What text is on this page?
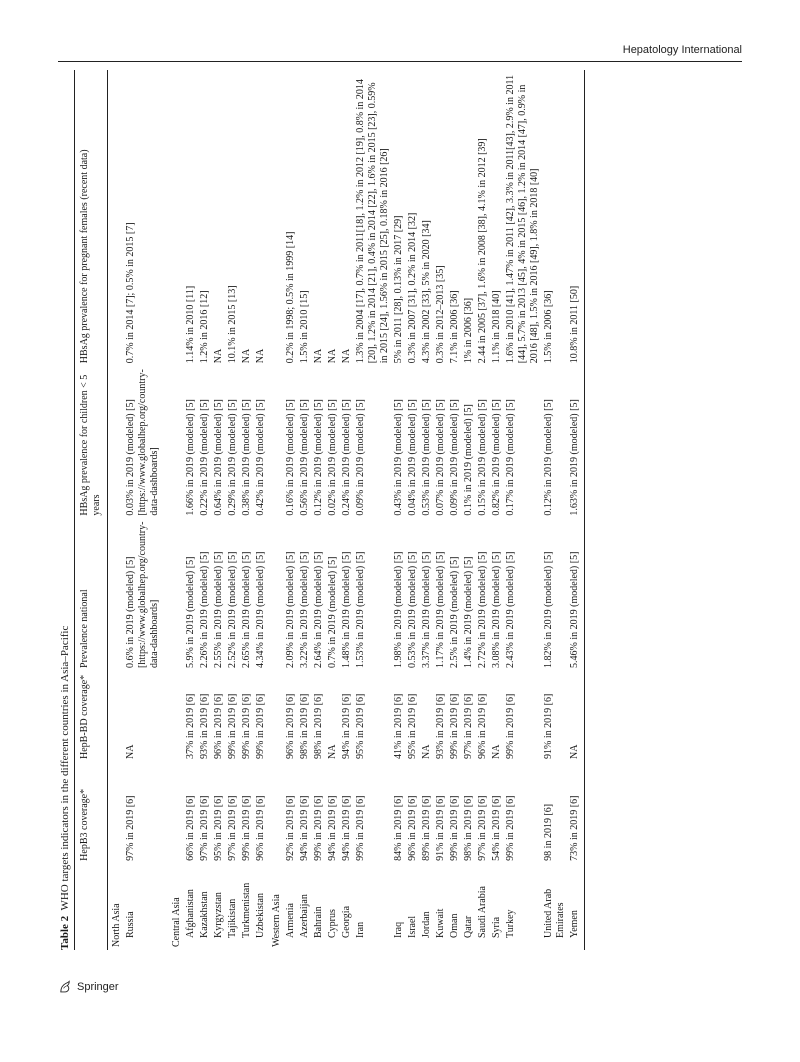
Hepatology International
Table 2  WHO targets indicators in the different countries in Asia–Pacific
	HepB3 coverage*	HepB-BD coverage*	Prevalence national	HBsAg prevalence for children < 5 years	HBsAg prevalence for pregnant females (recent data)
North Asia					
Russia	97% in 2019 [6]	NA	0.6% in 2019 (modeled) [5] [https://www.globalhep.org/country-data-dashboards]	0.03% in 2019 (modeled) [5] [https://www.globalhep.org/country-data-dashboards]	0.7% in 2014 [7]; 0.5% in 2015 [7]

Central Asia					
Afghanistan	66% in 2019 [6]	37% in 2019 [6]	5.9% in 2019 (modeled) [5]	1.66% in 2019 (modeled) [5]	1.14% in 2010 [11]
Kazakhstan	97% in 2019 [6]	93% in 2019 [6]	2.26% in 2019 (modeled) [5]	0.22% in 2019 (modeled) [5]	1.2% in 2016 [12]
Kyrgyzstan	95% in 2019 [6]	96% in 2019 [6]	2.55% in 2019 (modeled) [5]	0.64% in 2019 (modeled) [5]	NA
Tajikistan	97% in 2019 [6]	99% in 2019 [6]	2.52% in 2019 (modeled) [5]	0.29% in 2019 (modeled) [5]	10.1% in 2015 [13]
Turkmenistan	99% in 2019 [6]	99% in 2019 [6]	2.65% in 2019 (modeled) [5]	0.38% in 2019 (modeled) [5]	NA
Uzbekistan	96% in 2019 [6]	99% in 2019 [6]	4.34% in 2019 (modeled) [5]	0.42% in 2019 (modeled) [5]	NA
Western Asia					
Armenia	92% in 2019 [6]	96% in 2019 [6]	2.09% in 2019 (modeled) [5]	0.16% in 2019 (modeled) [5]	0.2% in 1998; 0.5% in 1999 [14]
Azerbaijan	94% in 2019 [6]	98% in 2019 [6]	3.22% in 2019 (modeled) [5]	0.56% in 2019 (modeled) [5]	1.5% in 2010 [15]
Bahrain	99% in 2019 [6]	98% in 2019 [6]	2.64% in 2019 (modeled) [5]	0.12% in 2019 (modeled) [5]	NA
Cyprus	94% in 2019 [6]	NA	0.7% in 2019 (modeled) [5]	0.02% in 2019 (modeled) [5]	NA
Georgia	94% in 2019 [6]	94% in 2019 [6]	1.48% in 2019 (modeled) [5]	0.24% in 2019 (modeled) [5]	NA
Iran	99% in 2019 [6]	95% in 2019 [6]	1.53% in 2019 (modeled) [5]	0.09% in 2019 (modeled) [5]	1.3% in 2004 [17], 0.7% in 2011[18], 1.2% in 2012 [19], 0.8% in 2014 [20], 1.2% in 2014 [21], 0.4% in 2014 [22], 1.6% in 2015 [23], 0.59% in 2015 [24], 1.56% in 2015 [25], 0.18% in 2016 [26]
Iraq	84% in 2019 [6]	41% in 2019 [6]	1.98% in 2019 (modeled) [5]	0.43% in 2019 (modeled) [5]	5% in 2011 [28], 0.13% in 2017 [29]
Israel	96% in 2019 [6]	95% in 2019 [6]	0.53% in 2019 (modeled) [5]	0.04% in 2019 (modeled) [5]	0.3% in 2007 [31], 0.2% in 2014 [32]
Jordan	89% in 2019 [6]	NA	3.37% in 2019 (modeled) [5]	0.53% in 2019 (modeled) [5]	4.3% in 2002 [33], 5% in 2020 [34]
Kuwait	91% in 2019 [6]	93% in 2019 [6]	1.17% in 2019 (modeled) [5]	0.07% in 2019 (modeled) [5]	0.3% in 2012–2013 [35]
Oman	99% in 2019 [6]	99% in 2019 [6]	2.5% in 2019 (modeled) [5]	0.09% in 2019 (modeled) [5]	7.1% in 2006 [36]
Qatar	98% in 2019 [6]	97% in 2019 [6]	1.4% in 2019 (modeled) [5]	0.1% in 2019 (modeled) [5]	1% in 2006 [36]
Saudi Arabia	97% in 2019 [6]	96% in 2019 [6]	2.72% in 2019 (modeled) [5]	0.15% in 2019 (modeled) [5]	2.44 in 2005 [37], 1.6% in 2008 [38], 4.1% in 2012 [39]
Syria	54% in 2019 [6]	NA	3.08% in 2019 (modeled) [5]	0.82% in 2019 (modeled) [5]	1.1% in 2018 [40]
Turkey	99% in 2019 [6]	99% in 2019 [6]	2.43% in 2019 (modeled) [5]	0.17% in 2019 (modeled) [5]	1.6% in 2010 [41], 1.47% in 2011 [42], 3.3% in 2011[43], 2.9% in 2011 [44], 5.7% in 2013 [45], 4% in 2015 [46], 1.2% in 2014 [47], 0.9% in 2016 [48], 1.5% in 2016 [49], 1.8% in 2018 [40]
United Arab Emirates	98 in 2019 [6]	91% in 2019 [6]	1.82% in 2019 (modeled) [5]	0.12% in 2019 (modeled) [5]	1.5% in 2006 [36]
Yemen	73% in 2019 [6]	NA	5.46% in 2019 (modeled) [5]	1.63% in 2019 (modeled) [5]	10.8% in 2011 [50]
Springer
